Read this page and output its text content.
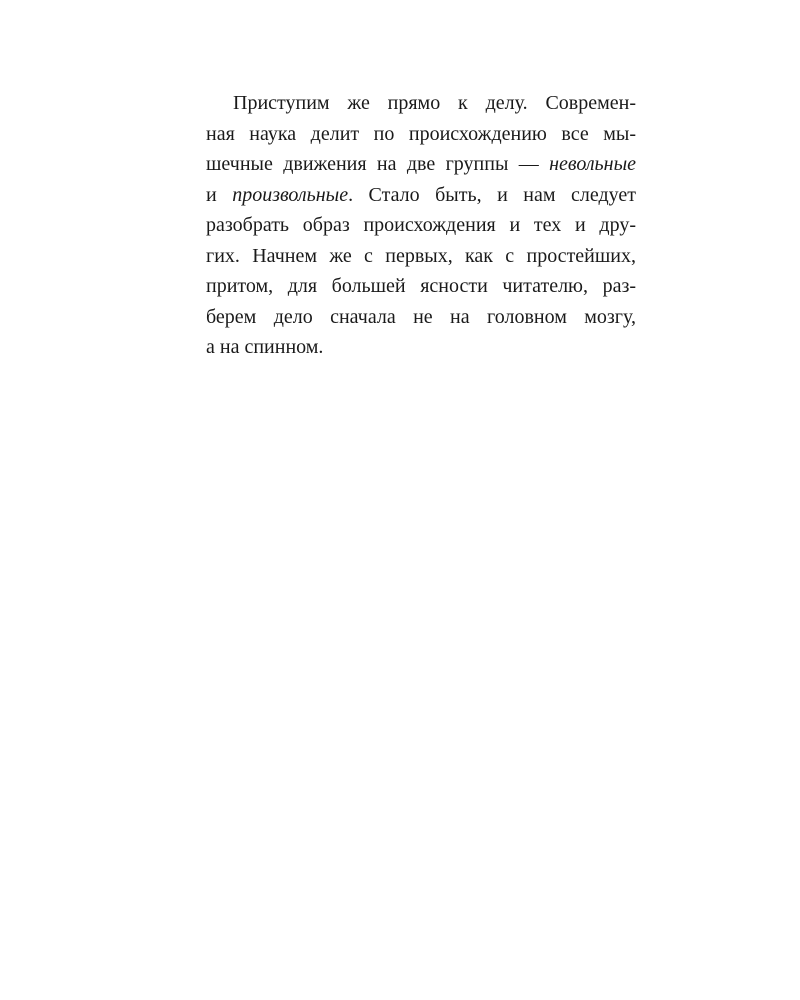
Приступим же прямо к делу. Современ-
ная наука делит по происхождению все мы-
шечные движения на две группы — невольные
и произвольные. Стало быть, и нам следует
разобрать образ происхождения и тех и дру-
гих. Начнем же с первых, как с простейших,
притом, для большей ясности читателю, раз-
берем дело сначала не на головном мозгу,
а на спинном.
